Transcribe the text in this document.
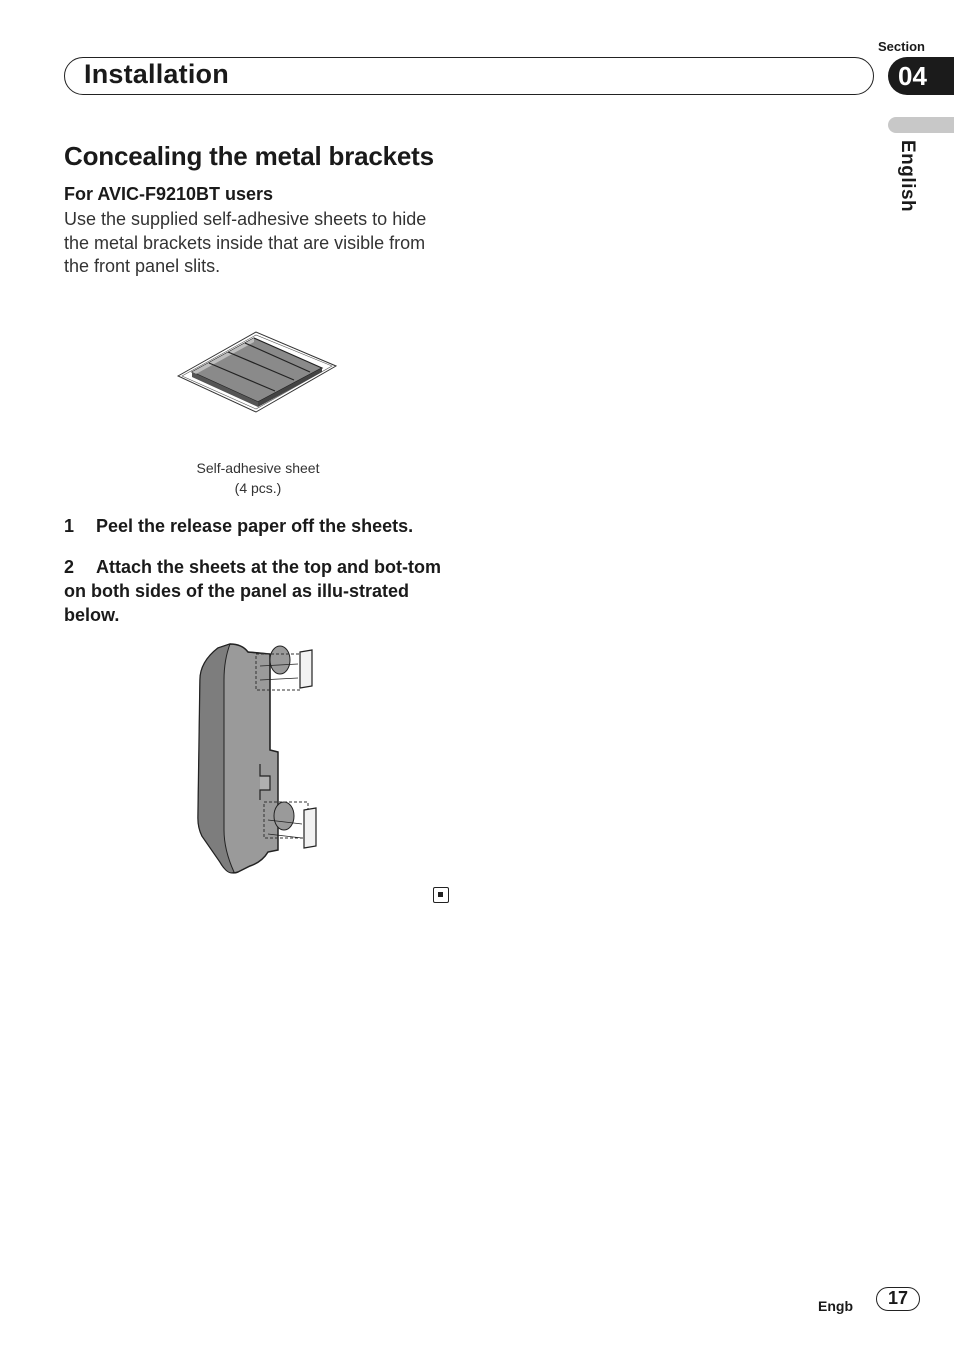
Installation
Section
04
English
Concealing the metal brackets
For AVIC-F9210BT users
Use the supplied self-adhesive sheets to hide the metal brackets inside that are visible from the front panel slits.
Self-adhesive sheet
(4 pcs.)
1 Peel the release paper off the sheets.
2 Attach the sheets at the top and bot-tom on both sides of the panel as illu-strated below.
Engb	17
